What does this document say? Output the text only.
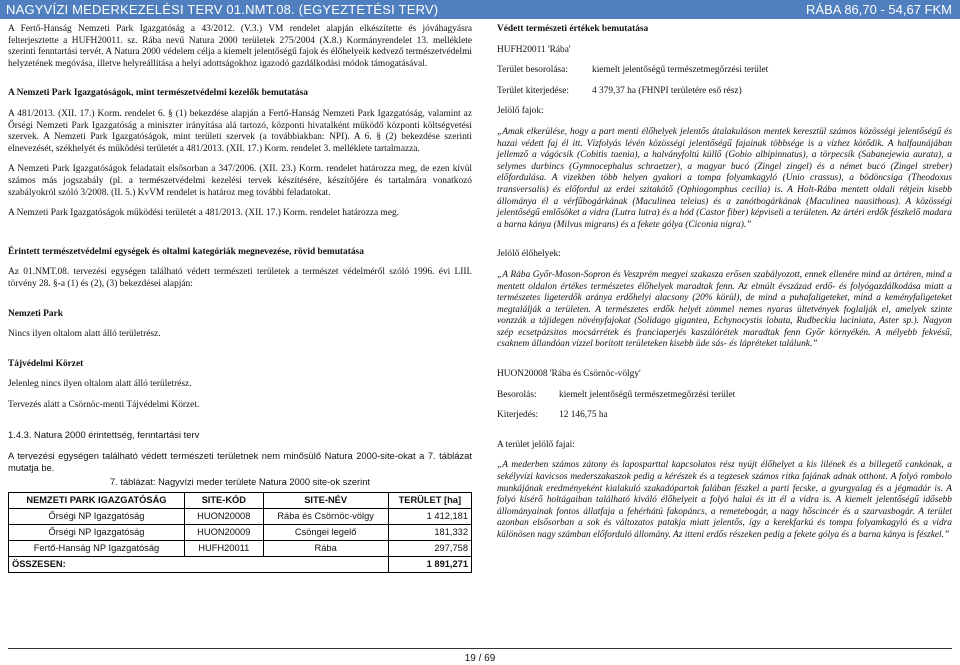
NAGYVÍZI MEDERKEZELÉSI TERV 01.NMT.08. (EGYEZTETÉSI TERV)	RÁBA 86,70 - 54,67 FKM

A Fertő-Hanság Nemzeti Park Igazgatóság a 43/2012. (V.3.) VM rendelet alapján elkészítette és jóváhagyásra felterjesztette a HUFH20011. sz. Rába nevű Natura 2000 területek 275/2004 (X.8.) Kormányrendelet 13. melléklete szerinti fenntartási tervét. A Natura 2000 védelem célja a kiemelt jelentőségű fajok és élőhelyeik kedvező természetvédelmi helyzetének megóvása, illetve helyreállítása a helyi adottságokhoz igazodó gazdálkodási módok támogatásával.

A Nemzeti Park Igazgatóságok, mint természetvédelmi kezelők bemutatása

A 481/2013. (XII. 17.) Korm. rendelet 6. § (1) bekezdése alapján a Fertő-Hanság Nemzeti Park Igazgatóság, valamint az Őrségi Nemzeti Park Igazgatóság a miniszter irányítása alá tartozó, központi hivatalként működő központi költségvetési szervek. A Nemzeti Park Igazgatóságok, mint területi szervek (a továbbiakban: NPI). A 6. § (2) bekezdése szerinti elnevezését, székhelyét és működési területét a 481/2013. (XII. 17.) Korm. rendelet 3. melléklete tartalmazza.

A Nemzeti Park Igazgatóságok feladatait elsősorban a 347/2006. (XII. 23.) Korm. rendelet határozza meg, de ezen kívül számos más jogszabály (pl. a természetvédelmi kezelési tervek készítésére, készítőjére és tartalmára vonatkozó szabályokról szóló 3/2008. (II. 5.) KvVM rendelet is határoz meg további feladatokat.

A Nemzeti Park Igazgatóságok működési területét a 481/2013. (XII. 17.) Korm. rendelet határozza meg.

Érintett természetvédelmi egységek és oltalmi kategóriák megnevezése, rövid bemutatása

Az 01.NMT.08. tervezési egységen található védett természeti területek a természet védelméről szóló 1996. évi LIII. törvény 28. §-a (1) és (2), (3) bekezdései alapján:

Nemzeti Park

Nincs ilyen oltalom alatt álló területrész.

Tájvédelmi Körzet

Jelenleg nincs ilyen oltalom alatt álló területrész.

Tervezés alatt a Csörnöc-menti Tájvédelmi Körzet.

1.4.3. Natura 2000 érintettség, fenntartási terv

A tervezési egységen található védett természeti területnek nem minősülő Natura 2000-site-okat a 7. táblázat mutatja be.

7. táblázat: Nagyvízi meder területe Natura 2000 site-ok szerint

NEMZETI PARK IGAZGATÓSÁG	SITE-KÓD	SITE-NÉV	TERÜLET [ha]
Őrségi NP Igazgatóság	HUON20008	Rába és Csörnöc-völgy	1 412,181
Őrségi NP Igazgatóság	HUON20009	Csöngei legelő	181,332
Fertő-Hanság NP Igazgatóság	HUFH20011	Rába	297,758
ÖSSZESEN:			1 891,271

Védett természeti értékek bemutatása

HUFH20011 'Rába'

Terület besorolása:	kiemelt jelentőségű természetmegőrzési terület
Terület kiterjedése:	4 379,37 ha (FHNPI területére eső rész)

Jelölő fajok:

„Amak elkerülése, hogy a part menti élőhelyek jelentős átalakuláson mentek keresztül számos közösségi jelentőségű és hazai védett faj él itt. Vízfolyás lévén közösségi jelentőségű fajainak többsége is a vízhez kötődik. A halfaunájában jellemző a vágócsík (Cobitis taenia), a halványfoltú küllő (Gobio albipinnatus), a törpecsík (Sabanejewia aurata), a selymes durbincs (Gymnocephalus schraetzer), a magyar bucó (Zingel zingel) és a német bucó (Zingel streber) előfordulása. A vizekben több helyen gyakori a tompa folyamkagyló (Unio crassus), a bödöncsiga (Theodoxus transversalis) és előfordul az erdei szitakötő (Ophiogomphus cecilia) is. A Holt-Rába mentett oldali rétjein kisebb állománya él a vérfűbogárkának (Maculinea teleius) és a zanótbogárkának (Maculinea nausithous). A közösségi jelentőségű emlősöket a vidra (Lutra lutra) és a hód (Castor fiber) képviseli a területen. Az ártéri erdők fészkelő madara a barna kánya (Milvus migrans) és a fekete gólya (Ciconia nigra).”

Jelölő élőhelyek:

„A Rába Győr-Moson-Sopron és Veszprém megyei szakasza erősen szabályozott, ennek ellenére mind az ártéren, mind a mentett oldalon értékes természetes élőhelyek maradtak fenn. Az elmúlt évszázad erdő- és folyógazdálkodása miatt a természetes ligeterdők aránya erdőhelyi alacsony (20% körül), de mind a puhafaligeteket, mind a keményfaligeteket megtalálják a területen. A természetes erdők helyét zömmel nemes nyaras ültetvények foglalják el, amelyek szinte vonzzák a tájidegen növényfajokat (Solidago gigantea, Echynocystis lobata, Rudbeckia laciniata, Aster sp.). Nagyon szép ecsetpázsitos mocsárrétek és franciaperjés kaszálórétek maradtak fenn Győr környékén. A mélyebb fekvésű, csaknem állandóan vízzel borított területeken kisebb üde sás- és lápréteket találunk.”

HUON20008 'Rába és Csörnöc-völgy'

Besorolás:	kiemelt jelentőségű természetmegőrzési terület
Kiterjedés:	12 146,75 ha

A terület jelölő fajai:

„A mederben számos zátony és laposparttal kapcsolatos rész nyújt élőhelyet a kis lilének és a billegető cankónak, a sekélyvízi kavicsos mederszakaszok pedig a kérészek és a tegzesek számos ritka fajának adnak otthont. A folyó rombolo munkájának eredményeként kialakuló szakadópartok falában fészkel a parti fecske, a gyurgyalag és a jégmadár is. A folyó kísérő holtágaiban található kiváló élőhelyeit a folyó halai és itt él a vidra is. A kiemelt jelentőségű idősebb állományainak fontos állatfaja a fehérhátú fakopáncs, a remetebogár, a nagy hőscincér és a szarvasbogár. A terület azonban elsősorban a sok és változatos patakja miatt jelentős, így a kerekfarkú és tompa folyamkagyló és a vidra különösen nagy számban előforduló állomány. Az itteni erdős részeken pedig a fekete gólya és a barna kánya is fészkel.”

19 / 69
